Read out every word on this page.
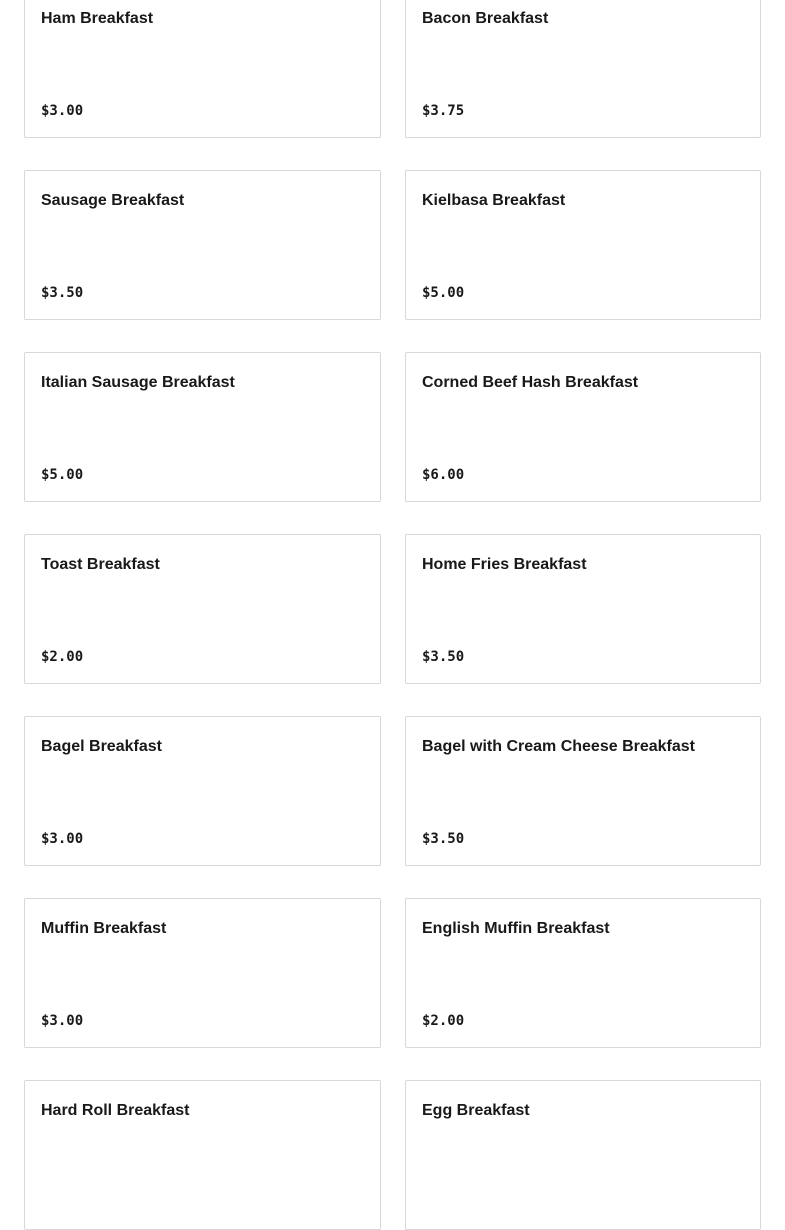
Ham Breakfast
$3.00
Bacon Breakfast
$3.75
Sausage Breakfast
$3.50
Kielbasa Breakfast
$5.00
Italian Sausage Breakfast
$5.00
Corned Beef Hash Breakfast
$6.00
Toast Breakfast
$2.00
Home Fries Breakfast
$3.50
Bagel Breakfast
$3.00
Bagel with Cream Cheese Breakfast
$3.50
Muffin Breakfast
$3.00
English Muffin Breakfast
$2.00
Hard Roll Breakfast	Egg Breakfast
